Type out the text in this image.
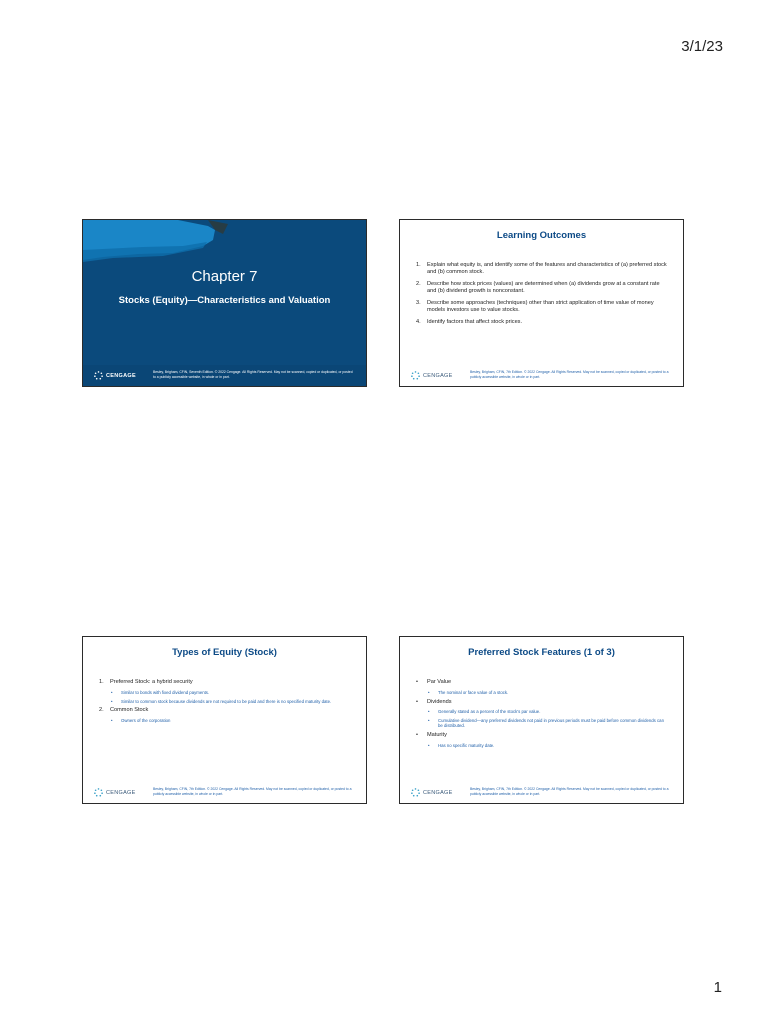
3/1/23
Chapter 7
Stocks (Equity)—Characteristics and Valuation
CENGAGE
Besley, Brigham, CFIN, Seventh Edition. © 2022 Cengage. All Rights Reserved. May not be scanned, copied or duplicated, or posted to a publicly accessible website, in whole or in part.
Learning Outcomes
1. Explain what equity is, and identify some of the features and characteristics of (a) preferred stock and (b) common stock.
2. Describe how stock prices (values) are determined when (a) dividends grow at a constant rate and (b) dividend growth is nonconstant.
3. Describe some approaches (techniques) other than strict application of time value of money models investors use to value stocks.
4. Identify factors that affect stock prices.
CENGAGE
Besley, Brigham, CFIN, 7th Edition. © 2022 Cengage. All Rights Reserved. May not be scanned, copied or duplicated, or posted to a publicly accessible website, in whole or in part.
Types of Equity (Stock)
1. Preferred Stock: a hybrid security
• Similar to bonds with fixed dividend payments.
• Similar to common stock because dividends are not required to be paid and there is no specified maturity date.
2. Common Stock
• Owners of the corporation
CENGAGE
Besley, Brigham, CFIN, 7th Edition. © 2022 Cengage. All Rights Reserved. May not be scanned, copied or duplicated, or posted to a publicly accessible website, in whole or in part.
Preferred Stock Features (1 of 3)
• Par Value
• The nominal or face value of a stock.
• Dividends
• Generally stated as a percent of the stock’s par value.
• Cumulative dividend—any preferred dividends not paid in previous periods must be paid before common dividends can be distributed.
• Maturity
• Has no specific maturity date.
CENGAGE
Besley, Brigham, CFIN, 7th Edition. © 2022 Cengage. All Rights Reserved. May not be scanned, copied or duplicated, or posted to a publicly accessible website, in whole or in part.
1
